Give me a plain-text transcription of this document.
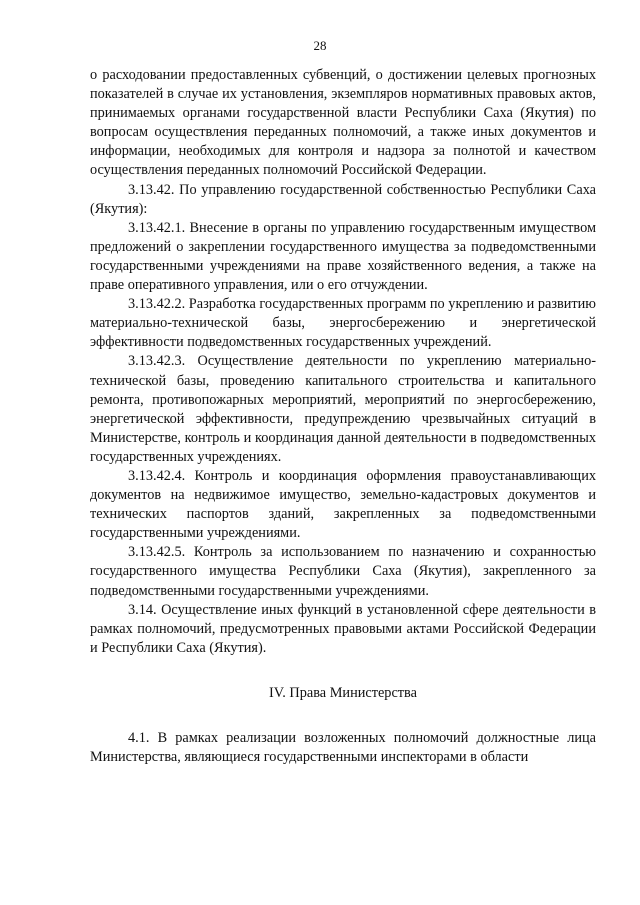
28

о расходовании предоставленных субвенций, о достижении целевых прогнозных показателей в случае их установления, экземпляров нормативных правовых актов, принимаемых органами государственной власти Республики Саха (Якутия) по вопросам осуществления переданных полномочий, а также иных документов и информации, необходимых для контроля и надзора за полнотой и качеством осуществления переданных полномочий Российской Федерации.

3.13.42. По управлению государственной собственностью Республики Саха (Якутия):

3.13.42.1. Внесение в органы по управлению государственным имуществом предложений о закреплении государственного имущества за подведомственными государственными учреждениями на праве хозяйственного ведения, а также на праве оперативного управления, или о его отчуждении.

3.13.42.2. Разработка государственных программ по укреплению и развитию материально-технической базы, энергосбережению и энергетической эффективности подведомственных государственных учреждений.

3.13.42.3. Осуществление деятельности по укреплению материально-технической базы, проведению капитального строительства и капитального ремонта, противопожарных мероприятий, мероприятий по энергосбережению, энергетической эффективности, предупреждению чрезвычайных ситуаций в Министерстве, контроль и координация данной деятельности в подведомственных государственных учреждениях.

3.13.42.4. Контроль и координация оформления правоустанавливающих документов на недвижимое имущество, земельно-кадастровых документов и технических паспортов зданий, закрепленных за подведомственными государственными учреждениями.

3.13.42.5. Контроль за использованием по назначению и сохранностью государственного имущества Республики Саха (Якутия), закрепленного за подведомственными государственными учреждениями.

3.14. Осуществление иных функций в установленной сфере деятельности в рамках полномочий, предусмотренных правовыми актами Российской Федерации и Республики Саха (Якутия).

IV. Права Министерства

4.1. В рамках реализации возложенных полномочий должностные лица Министерства, являющиеся государственными инспекторами в области
